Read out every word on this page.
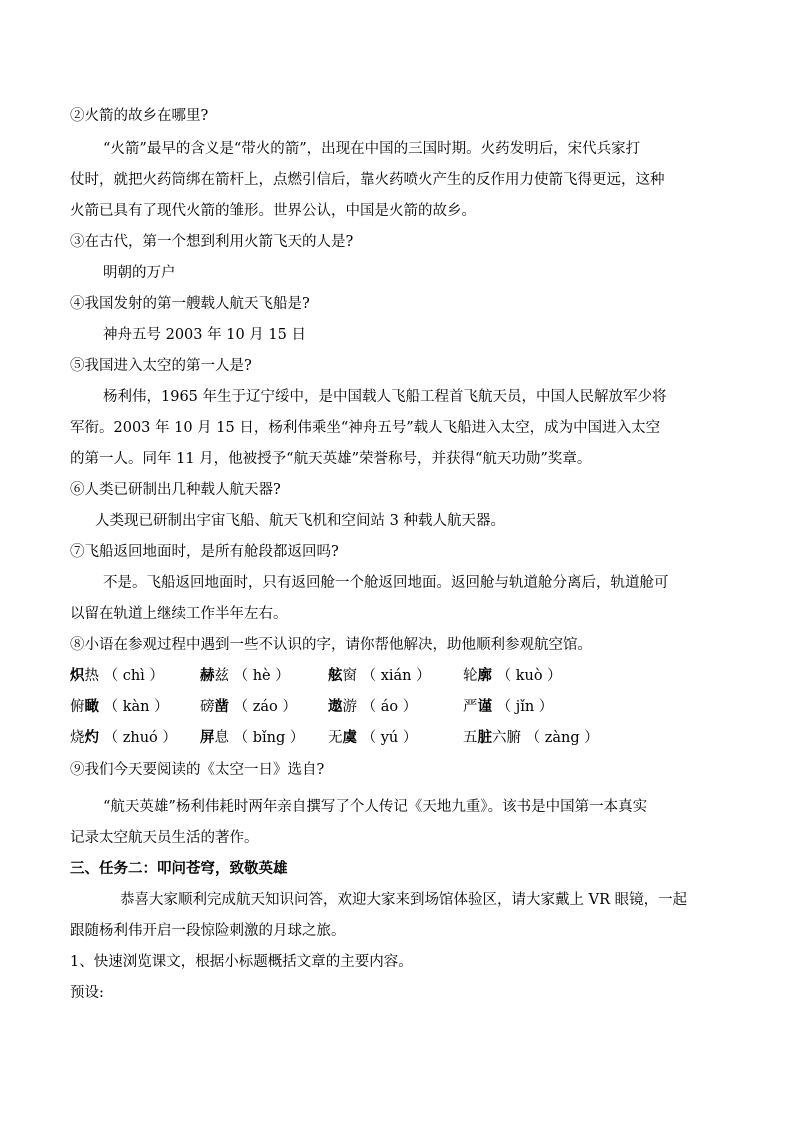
②火箭的故乡在哪里?
“火箭”最早的含义是“带火的箭”，出现在中国的三国时期。火药发明后，宋代兵家打
仗时，就把火药筒绑在箭杆上，点燃引信后，靠火药喷火产生的反作用力使箭飞得更远，这种
火箭已具有了现代火箭的雏形。世界公认，中国是火箭的故乡。
③在古代，第一个想到利用火箭飞天的人是?
明朝的万户
④我国发射的第一艘载人航天飞船是?
神舟五号 2003 年 10 月 15 日
⑤我国进入太空的第一人是?
杨利伟，1965 年生于辽宁绥中，是中国载人飞船工程首飞航天员，中国人民解放军少将
军衔。2003 年 10 月 15 日，杨利伟乘坐“神舟五号”载人飞船进入太空，成为中国进入太空
的第一人。同年 11 月，他被授予“航天英雄”荣誉称号，并获得“航天功勋”奖章。
⑥人类已研制出几种载人航天器?
人类现已研制出宇宙飞船、航天飞机和空间站 3 种载人航天器。
⑦飞船返回地面时，是所有舱段都返回吗?
不是。飞船返回地面时，只有返回舱一个舱返回地面。返回舱与轨道舱分离后，轨道舱可
以留在轨道上继续工作半年左右。
⑧小语在参观过程中遇到一些不认识的字，请你帮他解决，助他顺利参观航空馆。
炽热 （ chì ） 赫兹 （ hè ）	舷窗 （ xián ） 轮廓 （ kuò ）
俯瞰 （ kàn ） 磅凿 （ záo ） 遨游 （ áo ）	严谨 （ jǐn ）
烧灼 （ zhuó ） 屏息 （ bǐng ） 无虞 （ yú ）	五脏六腑 （ zàng ）
⑨我们今天要阅读的《太空一日》选自?
“航天英雄”杨利伟耗时两年亲自撰写了个人传记《天地九重》。该书是中国第一本真实
记录太空航天员生活的著作。
三、任务二：叩问苍穹，致敬英雄
恭喜大家顺利完成航天知识问答，欢迎大家来到场馆体验区，请大家戴上 VR 眼镜，一起
跟随杨利伟开启一段惊险刺激的月球之旅。
1、快速浏览课文，根据小标题概括文章的主要内容。
预设:
